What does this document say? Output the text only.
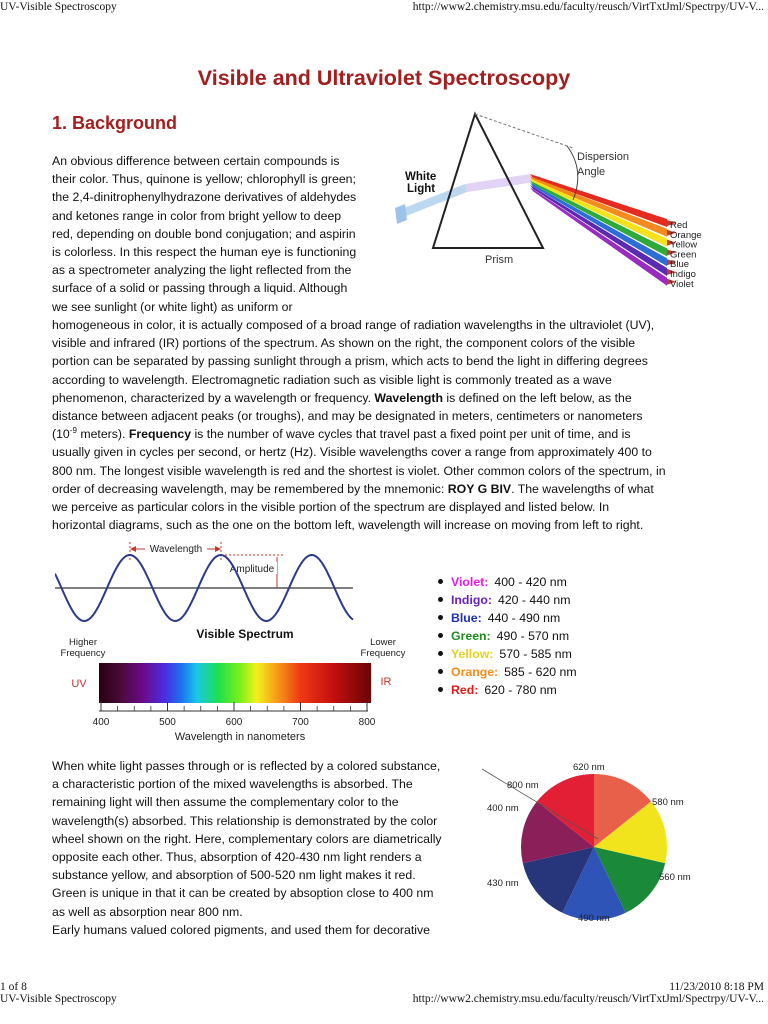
UV-Visible Spectroscopy	http://www2.chemistry.msu.edu/faculty/reusch/VirtTxtJml/Spectrpy/UV-V...
Visible and Ultraviolet Spectroscopy
1. Background
An obvious difference between certain compounds is
their color. Thus, quinone is yellow; chlorophyll is green;
the 2,4-dinitrophenylhydrazone derivatives of aldehydes
and ketones range in color from bright yellow to deep
red, depending on double bond conjugation; and aspirin
is colorless. In this respect the human eye is functioning
as a spectrometer analyzing the light reflected from the
surface of a solid or passing through a liquid. Although
we see sunlight (or white light) as uniform or
homogeneous in color, it is actually composed of a broad range of radiation wavelengths in the ultraviolet (UV),
visible and infrared (IR) portions of the spectrum. As shown on the right, the component colors of the visible
portion can be separated by passing sunlight through a prism, which acts to bend the light in differing degrees
according to wavelength. Electromagnetic radiation such as visible light is commonly treated as a wave
phenomenon, characterized by a wavelength or frequency. Wavelength is defined on the left below, as the
distance between adjacent peaks (or troughs), and may be designated in meters, centimeters or nanometers
($10^{-9}$ meters). Frequency is the number of wave cycles that travel past a fixed point per unit of time, and is
usually given in cycles per second, or hertz (Hz). Visible wavelengths cover a range from approximately 400 to
800 nm. The longest visible wavelength is red and the shortest is violet. Other common colors of the spectrum, in
order of decreasing wavelength, may be remembered by the mnemonic: ROY G BIV. The wavelengths of what
we perceive as particular colors in the visible portion of the spectrum are displayed and listed below. In
horizontal diagrams, such as the one on the bottom left, wavelength will increase on moving from left to right.
White
Light
Dispersion
Angle
Prism
Red
Orange
Yellow
Green
Blue
Indigo
Violet
Wavelength
Amplitude
Visible Spectrum
Higher
Frequency
Lower
Frequency
UV	IR
400	500	600	700	800
Wavelength in nanometers
Violet: 400 - 420 nm
Indigo: 420 - 440 nm
Blue: 440 - 490 nm
Green: 490 - 570 nm
Yellow: 570 - 585 nm
Orange: 585 - 620 nm
Red: 620 - 780 nm
When white light passes through or is reflected by a colored substance,
a characteristic portion of the mixed wavelengths is absorbed. The
remaining light will then assume the complementary color to the
wavelength(s) absorbed. This relationship is demonstrated by the color
wheel shown on the right. Here, complementary colors are diametrically
opposite each other. Thus, absorption of 420-430 nm light renders a
substance yellow, and absorption of 500-520 nm light makes it red.
Green is unique in that it can be created by absoption close to 400 nm
as well as absorption near 800 nm.
Early humans valued colored pigments, and used them for decorative
620 nm
580 nm
560 nm
490 nm
430 nm
400 nm
800 nm
1 of 8	11/23/2010 8:18 PM
UV-Visible Spectroscopy	http://www2.chemistry.msu.edu/faculty/reusch/VirtTxtJml/Spectrpy/UV-V...
